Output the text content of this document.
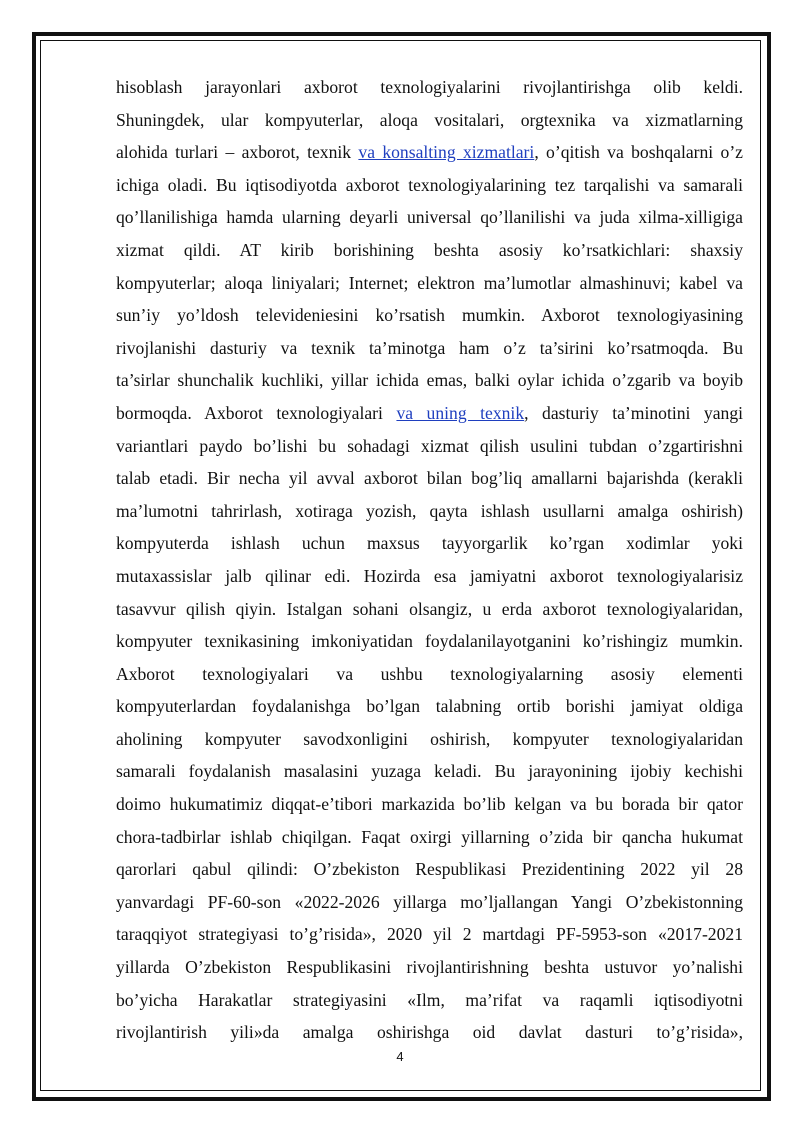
hisoblash jarayonlari axborot texnologiyalarini rivojlantirishga olib keldi.
Shuningdek, ular kompyuterlar, aloqa vositalari, orgtexnika va xizmatlarning
alohida turlari – axborot, texnik va konsalting xizmatlari, o’qitish va boshqalarni o’z
ichiga oladi. Bu iqtisodiyotda axborot texnologiyalarining tez tarqalishi va samarali
qo’llanilishiga hamda ularning deyarli universal qo’llanilishi va juda xilma-xilligiga
xizmat qildi. AT kirib borishining beshta asosiy ko’rsatkichlari: shaxsiy
kompyuterlar; aloqa liniyalari; Internet; elektron ma’lumotlar almashinuvi; kabel va
sun’iy yo’ldosh televideniesini ko’rsatish mumkin. Axborot texnologiyasining
rivojlanishi dasturiy va texnik ta’minotga ham o’z ta’sirini ko’rsatmoqda. Bu
ta’sirlar shunchalik kuchliki, yillar ichida emas, balki oylar ichida o’zgarib va boyib
bormoqda. Axborot texnologiyalari va uning texnik, dasturiy ta’minotini yangi
variantlari paydo bo’lishi bu sohadagi xizmat qilish usulini tubdan o’zgartirishni
talab etadi. Bir necha yil avval axborot bilan bog’liq amallarni bajarishda (kerakli
ma’lumotni tahrirlash, xotiraga yozish, qayta ishlash usullarni amalga oshirish)
kompyuterda ishlash uchun maxsus tayyorgarlik ko’rgan xodimlar yoki
mutaxassislar jalb qilinar edi. Hozirda esa jamiyatni axborot texnologiyalarisiz
tasavvur qilish qiyin. Istalgan sohani olsangiz, u erda axborot texnologiyalaridan,
kompyuter texnikasining imkoniyatidan foydalanilayotganini ko’rishingiz mumkin.
Axborot texnologiyalari va ushbu texnologiyalarning asosiy elementi
kompyuterlardan foydalanishga bo’lgan talabning ortib borishi jamiyat oldiga
aholining kompyuter savodxonligini oshirish, kompyuter texnologiyalaridan
samarali foydalanish masalasini yuzaga keladi. Bu jarayonining ijobiy kechishi
doimo hukumatimiz diqqat-e’tibori markazida bo’lib kelgan va bu borada bir qator
chora-tadbirlar ishlab chiqilgan. Faqat oxirgi yillarning o’zida bir qancha hukumat
qarorlari qabul qilindi: O’zbekiston Respublikasi Prezidentining 2022 yil 28
yanvardagi PF-60-son «2022-2026 yillarga mo’ljallangan Yangi O’zbekistonning
taraqqiyot strategiyasi to’g’risida», 2020 yil 2 martdagi PF-5953-son «2017-2021
yillarda O’zbekiston Respublikasini rivojlantirishning beshta ustuvor yo’nalishi
bo’yicha Harakatlar strategiyasini «Ilm, ma’rifat va raqamli iqtisodiyotni
rivojlantirish yili»da amalga oshirishga oid davlat dasturi to’g’risida»,
4
